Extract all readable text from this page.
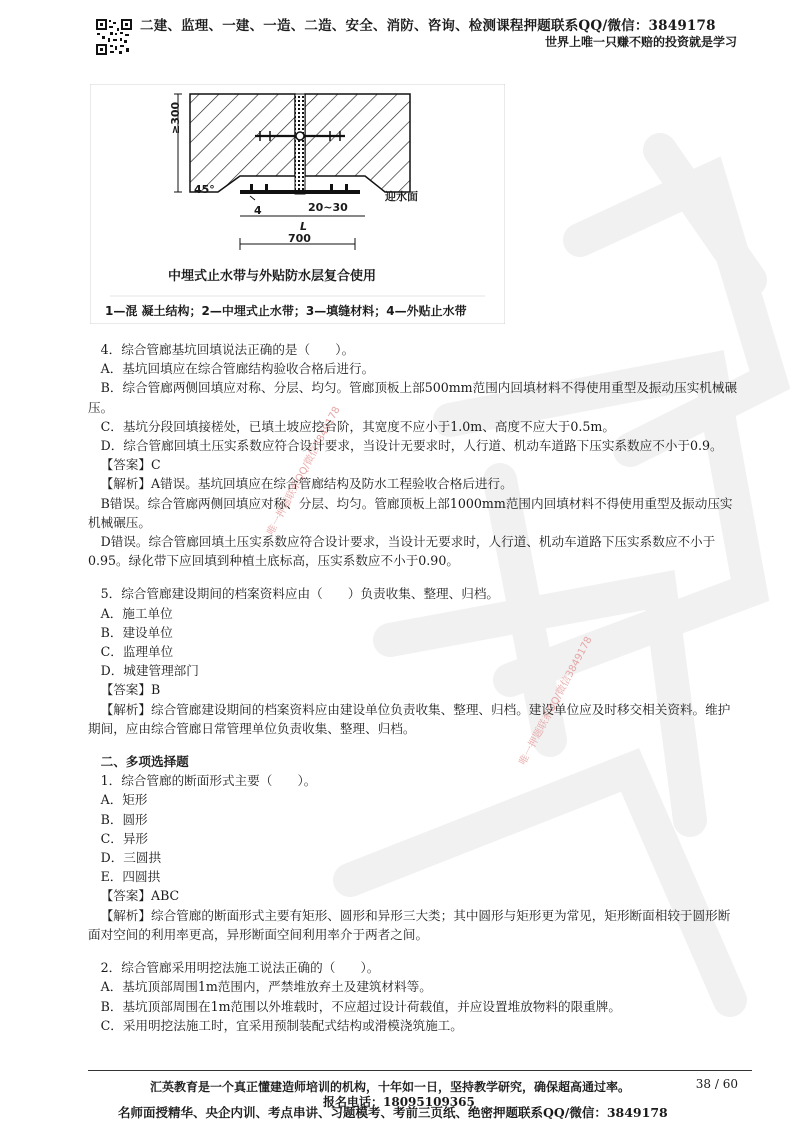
二建、监理、一建、一造、二造、安全、消防、咨询、检测课程押题联系QQ/微信：3849178
世界上唯一只赚不赔的投资就是学习
≥300
45°
迎水面
4	20~30
L
700
中埋式止水带与外贴防水层复合使用
1—混 凝土结构；2—中埋式止水带；3—填缝材料；4—外贴止水带
唯一押题联系QQ/微信3849178
唯一押题联系QQ/微信3849178

4．综合管廊基坑回填说法正确的是（　　）。

A．基坑回填应在综合管廊结构验收合格后进行。

B．综合管廊两侧回填应对称、分层、均匀。管廊顶板上部500mm范围内回填材料不得使用重型及振动压实机械碾压。

C．基坑分段回填接槎处，已填土坡应挖台阶，其宽度不应小于1.0m、高度不应大于0.5m。

D．综合管廊回填土压实系数应符合设计要求，当设计无要求时，人行道、机动车道路下压实系数应不小于0.9。

【答案】C

【解析】A错误。基坑回填应在综合管廊结构及防水工程验收合格后进行。

B错误。综合管廊两侧回填应对称、分层、均匀。管廊顶板上部1000mm范围内回填材料不得使用重型及振动压实机械碾压。

D错误。综合管廊回填土压实系数应符合设计要求，当设计无要求时，人行道、机动车道路下压实系数应不小于0.95。绿化带下应回填到种植土底标高，压实系数应不小于0.90。

5．综合管廊建设期间的档案资料应由（　　）负责收集、整理、归档。

A．施工单位

B．建设单位

C．监理单位

D．城建管理部门

【答案】B

【解析】综合管廊建设期间的档案资料应由建设单位负责收集、整理、归档。建设单位应及时移交相关资料。维护期间，应由综合管廊日常管理单位负责收集、整理、归档。

二、多项选择题

1．综合管廊的断面形式主要（　　）。

A．矩形

B．圆形

C．异形

D．三圆拱

E．四圆拱

【答案】ABC

【解析】综合管廊的断面形式主要有矩形、圆形和异形三大类；其中圆形与矩形更为常见，矩形断面相较于圆形断面对空间的利用率更高，异形断面空间利用率介于两者之间。

2．综合管廊采用明挖法施工说法正确的（　　）。

A．基坑顶部周围1m范围内，严禁堆放弃土及建筑材料等。

B．基坑顶部周围在1m范围以外堆载时，不应超过设计荷载值，并应设置堆放物料的限重牌。

C．采用明挖法施工时，宜采用预制装配式结构或滑模浇筑施工。

汇英教育是一个真正懂建造师培训的机构，十年如一日，坚持教学研究，确保超高通过率。	38 / 60
报名电话：18095109365
名师面授精华、央企内训、考点串讲、习题模考、考前三页纸、绝密押题联系QQ/微信：3849178
